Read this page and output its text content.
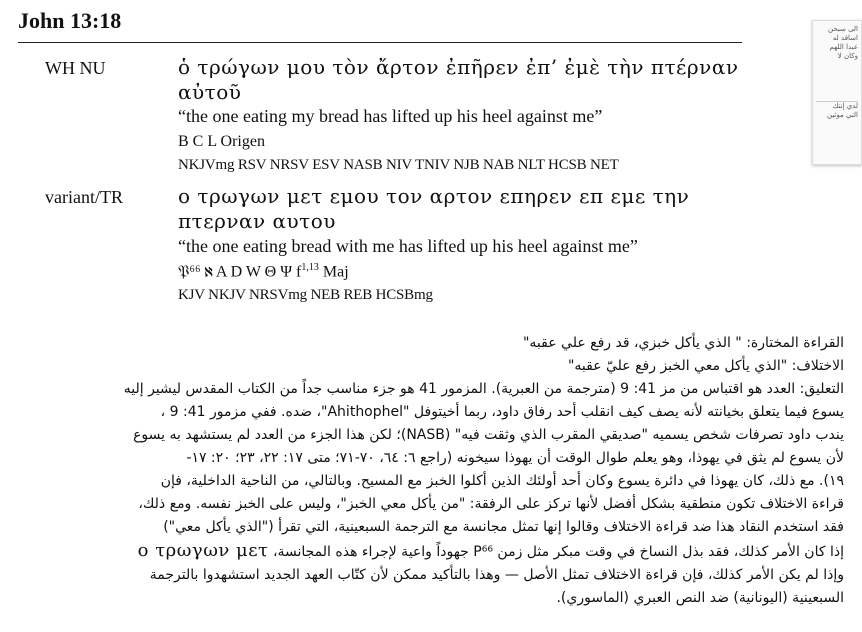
John 13:18	الى سبحن
اساقد له
عبدا اللهم
وكان لا
لدي إنتك
التي موثين
WH NU	ὁ τρώγων μου τὸν ἄρτον ἐπῆρεν ἐπ’ ἐμὲ τὴν πτέρναν
αὐτοῦ
“the one eating my bread has lifted up his heel against me”
B C L Origen
NKJVmg RSV NRSV ESV NASB NIV TNIV NJB NAB NLT HCSB NET
variant/TR	ο τρωγων μετ εμου τον αρτον επηρεν επ εμε την
πτερναν αυτου
“the one eating bread with me has lifted up his heel against me”
𝔓⁶⁶ ℵ A D W Θ Ψ $f^{1,13}$ Maj
KJV NKJV NRSVmg NEB REB HCSBmg
القراءة المختارة: " الذي يأكل خبزي، قد رفع علي عقبه"
الاختلاف: "الذي يأكل معي الخبز رفع عليّ عقبه"
التعليق: العدد هو اقتباس من مز 41: 9 (مترجمة من العبرية). المزمور 41 هو جزء مناسب جداً من الكتاب المقدس ليشير إليه
يسوع فيما يتعلق بخيانته لأنه يصف كيف انقلب أحد رفاق داود، ربما أخيتوفل "Ahithophel"، ضده. ففي مزمور 41: 9 ،
يندب داود تصرفات شخص يسميه "صديقي المقرب الذي وثقت فيه" (NASB)؛ لكن هذا الجزء من العدد لم يستشهد به يسوع
لأن يسوع لم يثق في يهوذا، وهو يعلم طوال الوقت أن يهوذا سيخونه (راجع ٦: ٦٤، ٧٠-٧١؛ متى ١٧: ٢٢، ٢٣؛ ٢٠: ١٧-
١٩). مع ذلك، كان يهوذا في دائرة يسوع وكان أحد أولئك الذين أكلوا الخبز مع المسيح. وبالتالي، من الناحية الداخلية، فإن
قراءة الاختلاف تكون منطقية بشكل أفضل لأنها تركز على الرفقة: "من يأكل معي الخبز"، وليس على الخبز نفسه. ومع ذلك،
فقد استخدم النقاد هذا ضد قراءة الاختلاف وقالوا إنها تمثل مجانسة مع الترجمة السبعينية، التي تقرأ ("الذي يأكل معي")
إذا كان الأمر كذلك، فقد بذل النساخ في وقت مبكر مثل زمن P⁶⁶ جهوداً واعية لإجراء هذه المجانسة، ο τρωγων μετ
وإذا لم يكن الأمر كذلك، فإن قراءة الاختلاف تمثل الأصل — وهذا بالتأكيد ممكن لأن كتّاب العهد الجديد استشهدوا بالترجمة
السبعينية (اليونانية) ضد النص العبري (الماسوري).
